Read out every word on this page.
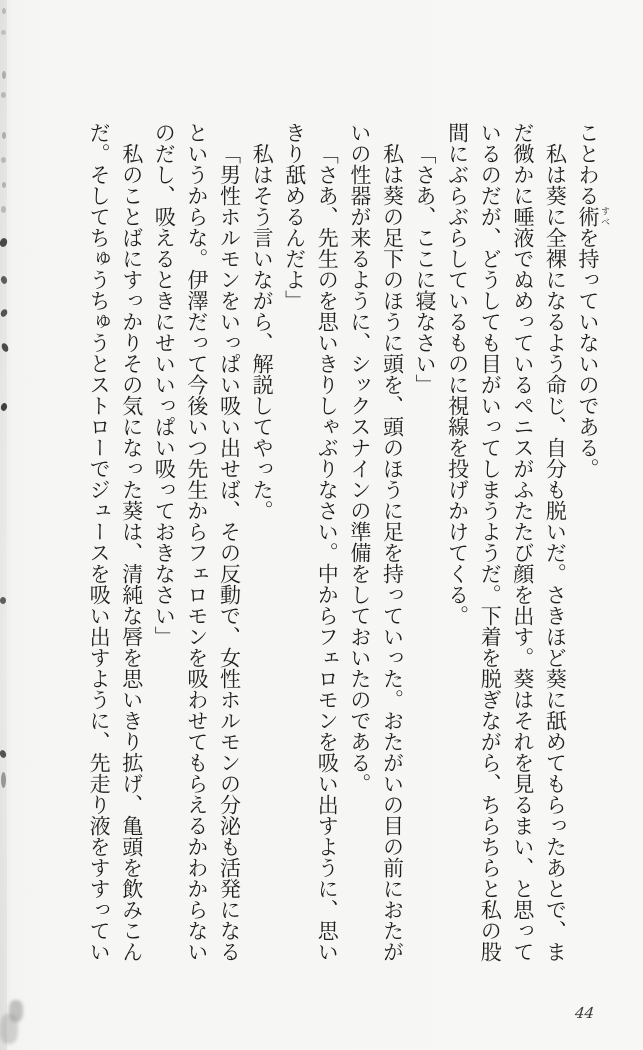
ことわる術 すべを持っていないのである。

私は葵に全裸になるよう命じ、自分も脱いだ。さきほど葵に舐めてもらったあとで、まだ微かに唾液でぬめっているペニスがふたたび顔を出す。葵はそれを見るまい、と思っているのだが、どうしても目がいってしまうようだ。下着を脱ぎながら、ちらちらと私の股間にぶらぶらしているものに視線を投げかけてくる。

「さあ、ここに寝なさい」

私は葵の足下のほうに頭を、頭のほうに足を持っていった。おたがいの目の前におたがいの性器が来るように、シックスナインの準備をしておいたのである。

「さあ、先生のを思いきりしゃぶりなさい。中からフェロモンを吸い出すように、思いきり舐めるんだよ」

私はそう言いながら、解説してやった。

「男性ホルモンをいっぱい吸い出せば、その反動で、女性ホルモンの分泌も活発になるというからな。伊澤だって今後いつ先生からフェロモンを吸わせてもらえるかわからないのだし、吸えるときにせいいっぱい吸っておきなさい」

私のことばにすっかりその気になった葵は、清純な唇を思いきり拡げ、亀頭を飲みこんだ。そしてちゅうちゅうとストローでジュースを吸い出すように、先走り液をすすってい

44
